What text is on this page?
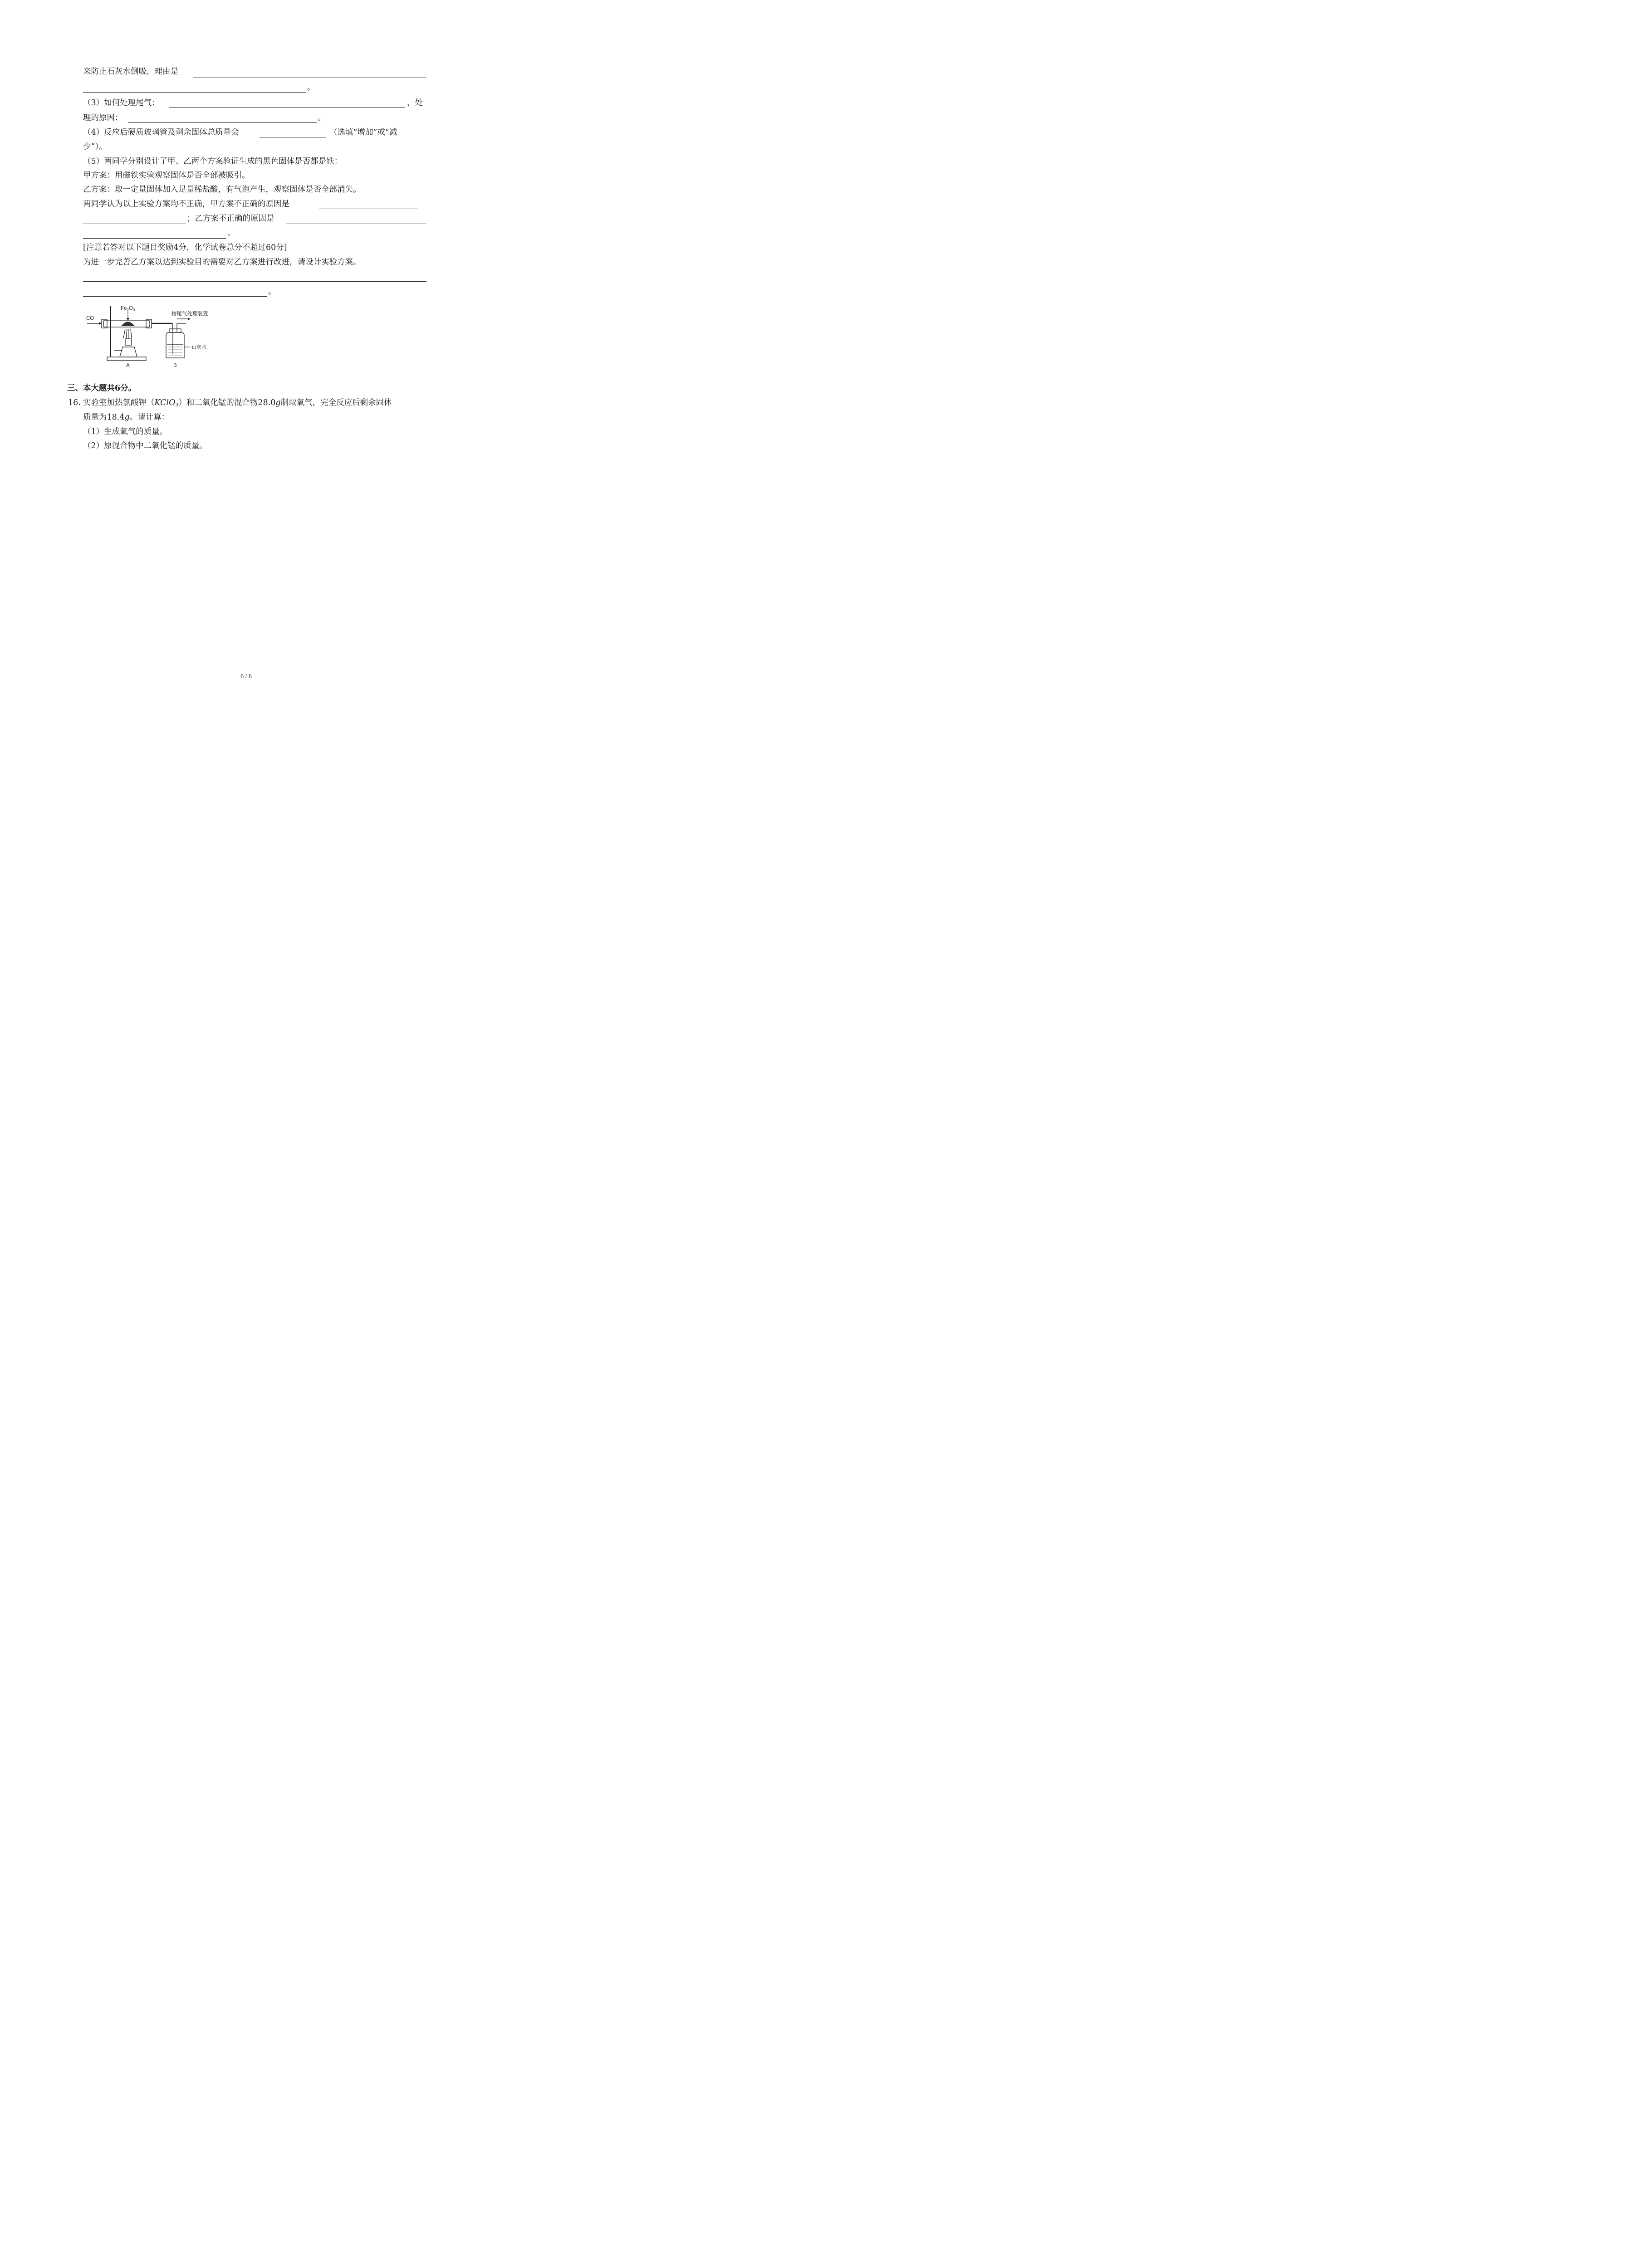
来防止石灰水倒吸，理由是
。
（3）如何处理尾气：	，处
理的原因：	。
（4）反应后硬质玻璃管及剩余固体总质量会	（选填“增加”或“减
少”）。
（5）两同学分别设计了甲、乙两个方案验证生成的黑色固体是否都是铁：
甲方案：用磁铁实验观察固体是否全部被吸引。
乙方案：取一定量固体加入足量稀盐酸，有气泡产生，观察固体是否全部消失。
两同学认为以上实验方案均不正确，甲方案不正确的原因是
；乙方案不正确的原因是
。
[注意若答对以下题目奖励4分，化学试卷总分不超过60分]
为进一步完善乙方案以达到实验目的需要对乙方案进行改进，请设计实验方案。
。
CO
$Fe_2O_3$
接尾气处理装置
石灰水
A	B
三、本大题共6分。
16. 实验室加热氯酸钾（KClO$_3$）和二氧化锰的混合物28.0g制取氧气，完全反应后剩余固体
质量为18.4g。请计算：
（1）生成氧气的质量。
（2）原混合物中二氧化锰的质量。
6 / 6
